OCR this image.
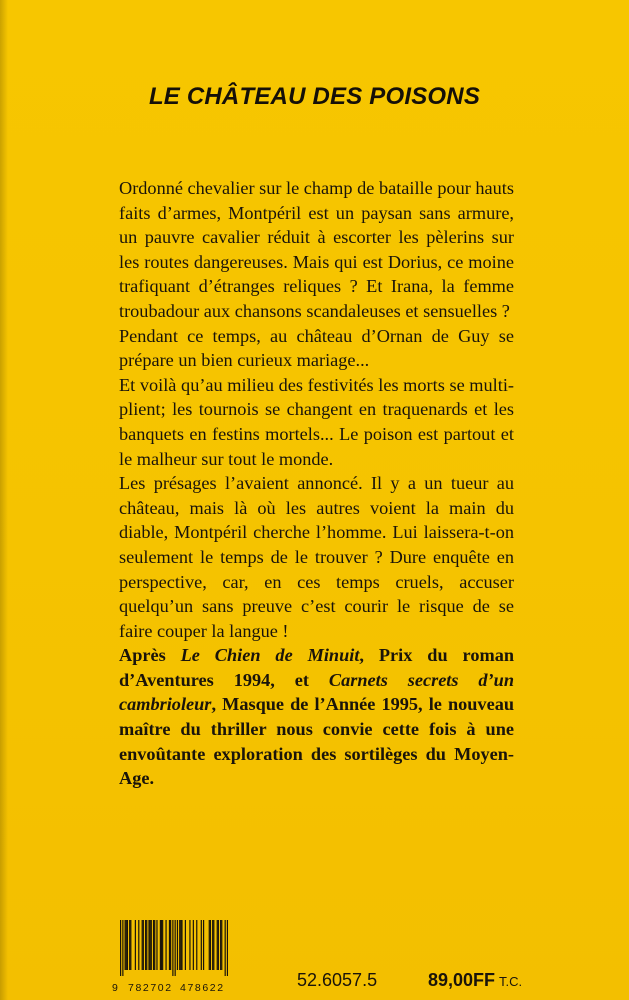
LE CHÂTEAU DES POISONS

Ordonné chevalier sur le champ de bataille pour hauts faits d’armes, Montpéril est un paysan sans armure, un pauvre cavalier réduit à escorter les pèlerins sur les routes dangereuses. Mais qui est Dorius, ce moine trafiquant d’étranges reliques ? Et Irana, la femme troubadour aux chansons scandaleuses et sensuelles ?

Pendant ce temps, au château d’Ornan de Guy se prépare un bien curieux mariage...

Et voilà qu’au milieu des festivités les morts se multiplient; les tournois se changent en traquenards et les banquets en festins mortels... Le poison est partout et le malheur sur tout le monde.

Les présages l’avaient annoncé. Il y a un tueur au château, mais là où les autres voient la main du diable, Montpéril cherche l’homme. Lui laissera-t-on seulement le temps de le trouver ? Dure enquête en perspective, car, en ces temps cruels, accuser quelqu’un sans preuve c’est courir le risque de se faire couper la langue !

Après Le Chien de Minuit, Prix du roman d’Aventures 1994, et Carnets secrets d’un cambrioleur, Masque de l’Année 1995, le nouveau maître du thriller nous convie cette fois à une envoûtante exploration des sortilèges du Moyen-Age.

9 782702 478622	52.6057.5	89,00FF T.C.
